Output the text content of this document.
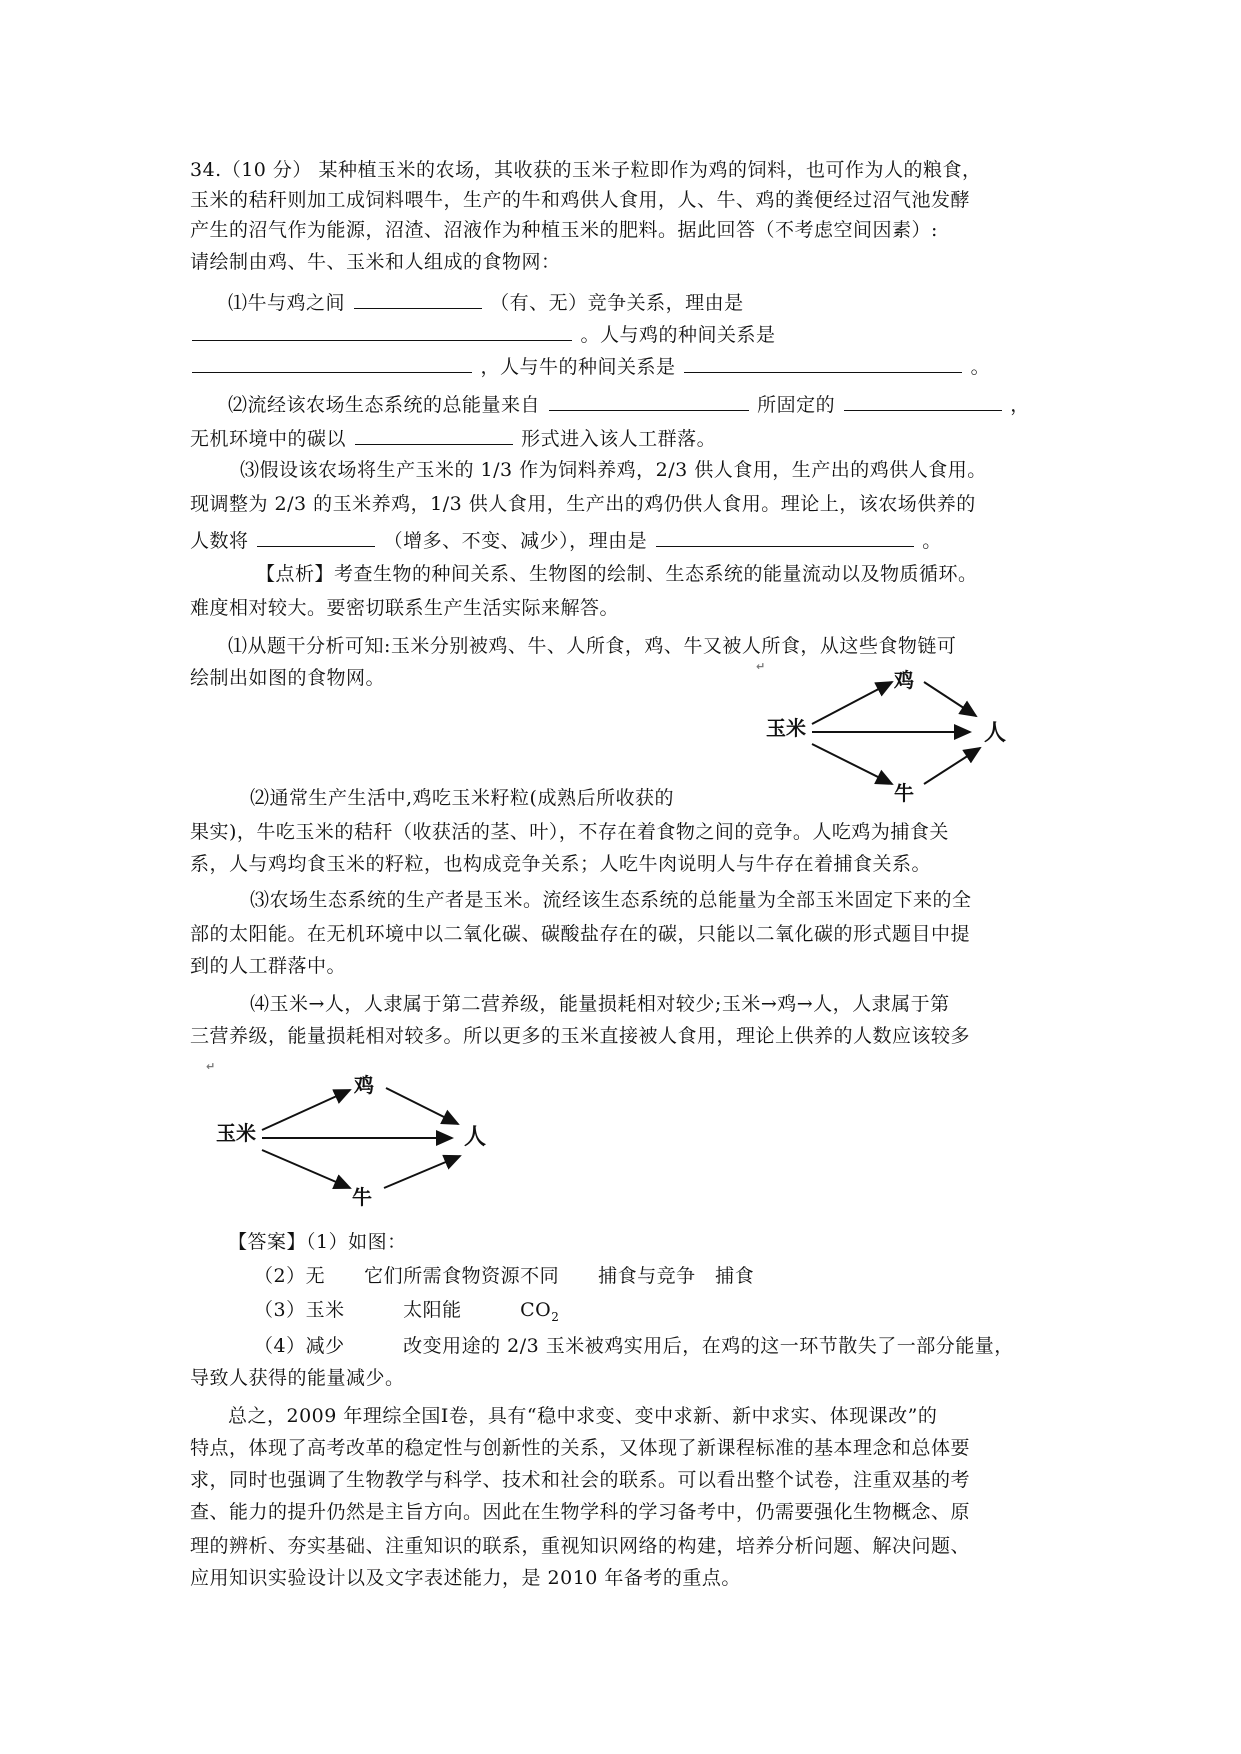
34.（10 分） 某种植玉米的农场，其收获的玉米子粒即作为鸡的饲料，也可作为人的粮食，
玉米的秸秆则加工成饲料喂牛，生产的牛和鸡供人食用，人、牛、鸡的粪便经过沼气池发酵
产生的沼气作为能源，沼渣、沼液作为种植玉米的肥料。据此回答（不考虑空间因素）:
请绘制由鸡、牛、玉米和人组成的食物网：
⑴牛与鸡之间	（有、无）竞争关系，理由是
。人与鸡的种间关系是
，人与牛的种间关系是	。
⑵流经该农场生态系统的总能量来自	所固定的	，
无机环境中的碳以	形式进入该人工群落。
⑶假设该农场将生产玉米的 1/3 作为饲料养鸡，2/3 供人食用，生产出的鸡供人食用。
现调整为 2/3 的玉米养鸡，1/3 供人食用，生产出的鸡仍供人食用。理论上，该农场供养的
人数将	（增多、不变、减少），理由是	。
【点析】考查生物的种间关系、生物图的绘制、生态系统的能量流动以及物质循环。
难度相对较大。要密切联系生产生活实际来解答。
⑴从题干分析可知:玉米分别被鸡、牛、人所食，鸡、牛又被人所食，从这些食物链可
绘制出如图的食物网。
↵
玉米
鸡
人
牛
⑵通常生产生活中,鸡吃玉米籽粒(成熟后所收获的
果实)，牛吃玉米的秸秆（收获活的茎、叶），不存在着食物之间的竞争。人吃鸡为捕食关
系，人与鸡均食玉米的籽粒，也构成竞争关系；人吃牛肉说明人与牛存在着捕食关系。
⑶农场生态系统的生产者是玉米。流经该生态系统的总能量为全部玉米固定下来的全
部的太阳能。在无机环境中以二氧化碳、碳酸盐存在的碳，只能以二氧化碳的形式题目中提
到的人工群落中。
⑷玉米→人，人隶属于第二营养级，能量损耗相对较少;玉米→鸡→人，人隶属于第
三营养级，能量损耗相对较多。所以更多的玉米直接被人食用，理论上供养的人数应该较多
↵
玉米
鸡
人
牛
【答案】（1）如图：
（2）无　　它们所需食物资源不同　　捕食与竞争　捕食
（3）玉米　　　太阳能　　　$CO_2$
（4）减少　　　改变用途的 2/3 玉米被鸡实用后，在鸡的这一环节散失了一部分能量，
导致人获得的能量减少。
总之，2009 年理综全国Ⅰ卷，具有“稳中求变、变中求新、新中求实、体现课改”的
特点，体现了高考改革的稳定性与创新性的关系，又体现了新课程标准的基本理念和总体要
求，同时也强调了生物教学与科学、技术和社会的联系。可以看出整个试卷，注重双基的考
查、能力的提升仍然是主旨方向。因此在生物学科的学习备考中，仍需要强化生物概念、原
理的辨析、夯实基础、注重知识的联系，重视知识网络的构建，培养分析问题、解决问题、
应用知识实验设计以及文字表述能力，是 2010 年备考的重点。
